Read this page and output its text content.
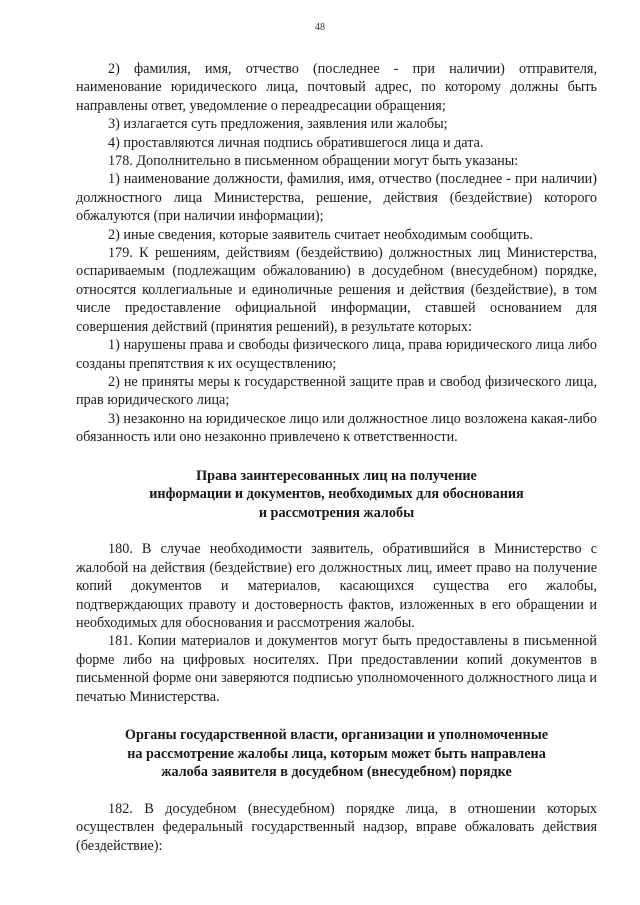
48

2) фамилия, имя, отчество (последнее - при наличии) отправителя, наименование юридического лица, почтовый адрес, по которому должны быть направлены ответ, уведомление о переадресации обращения;

3) излагается суть предложения, заявления или жалобы;

4) проставляются личная подпись обратившегося лица и дата.

178. Дополнительно в письменном обращении могут быть указаны:

1) наименование должности, фамилия, имя, отчество (последнее - при наличии) должностного лица Министерства, решение, действия (бездействие) которого обжалуются (при наличии информации);

2) иные сведения, которые заявитель считает необходимым сообщить.

179. К решениям, действиям (бездействию) должностных лиц Министерства, оспариваемым (подлежащим обжалованию) в досудебном (внесудебном) порядке, относятся коллегиальные и единоличные решения и действия (бездействие), в том числе предоставление официальной информации, ставшей основанием для совершения действий (принятия решений), в результате которых:

1) нарушены права и свободы физического лица, права юридического лица либо созданы препятствия к их осуществлению;

2) не приняты меры к государственной защите прав и свобод физического лица, прав юридического лица;

3) незаконно на юридическое лицо или должностное лицо возложена какая-либо обязанность или оно незаконно привлечено к ответственности.

Права заинтересованных лиц на получение

информации и документов, необходимых для обоснования

и рассмотрения жалобы

180. В случае необходимости заявитель, обратившийся в Министерство с жалобой на действия (бездействие) его должностных лиц, имеет право на получение копий документов и материалов, касающихся существа его жалобы, подтверждающих правоту и достоверность фактов, изложенных в его обращении и необходимых для обоснования и рассмотрения жалобы.

181. Копии материалов и документов могут быть предоставлены в письменной форме либо на цифровых носителях. При предоставлении копий документов в письменной форме они заверяются подписью уполномоченного должностного лица и печатью Министерства.

Органы государственной власти, организации и уполномоченные

на рассмотрение жалобы лица, которым может быть направлена

жалоба заявителя в досудебном (внесудебном) порядке

182. В досудебном (внесудебном) порядке лица, в отношении которых осуществлен федеральный государственный надзор, вправе обжаловать действия (бездействие):
